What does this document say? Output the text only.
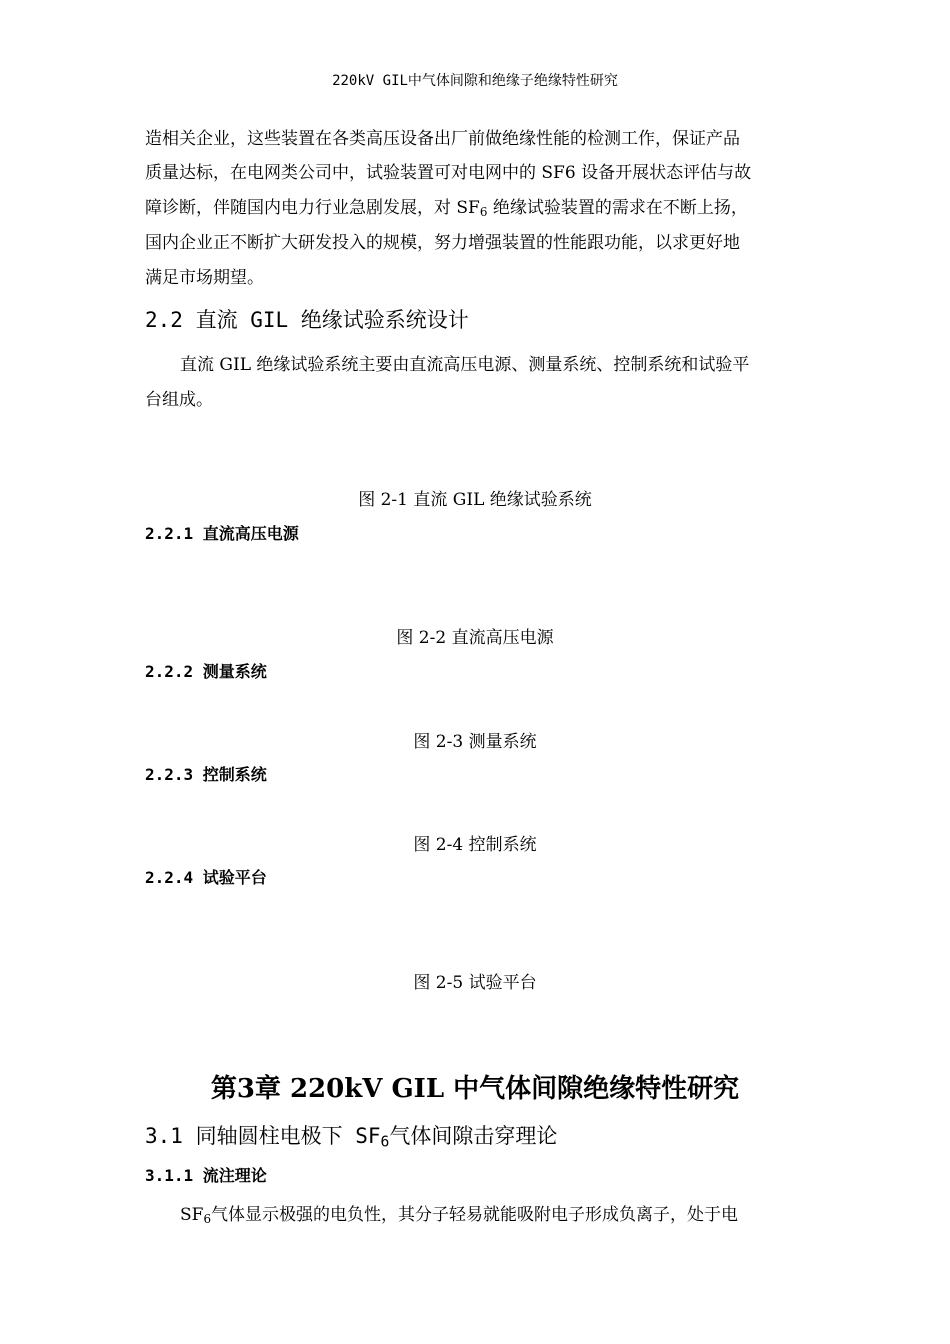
220kV GIL中气体间隙和绝缘子绝缘特性研究
造相关企业，这些装置在各类高压设备出厂前做绝缘性能的检测工作，保证产品
质量达标，在电网类公司中，试验装置可对电网中的 SF6 设备开展状态评估与故
障诊断，伴随国内电力行业急剧发展，对 $SF_6$ 绝缘试验装置的需求在不断上扬，
国内企业正不断扩大研发投入的规模，努力增强装置的性能跟功能，以求更好地
满足市场期望。
2.2 直流 GIL 绝缘试验系统设计
直流 GIL 绝缘试验系统主要由直流高压电源、测量系统、控制系统和试验平
台组成。
图 2-1 直流 GIL 绝缘试验系统
2.2.1 直流高压电源
图 2-2 直流高压电源
2.2.2 测量系统
图 2-3 测量系统
2.2.3 控制系统
图 2-4 控制系统
2.2.4 试验平台
图 2-5 试验平台
第3章 220kV GIL 中气体间隙绝缘特性研究
3.1 同轴圆柱电极下 $SF_6$气体间隙击穿理论
3.1.1 流注理论
$SF_6$气体显示极强的电负性，其分子轻易就能吸附电子形成负离子，处于电
